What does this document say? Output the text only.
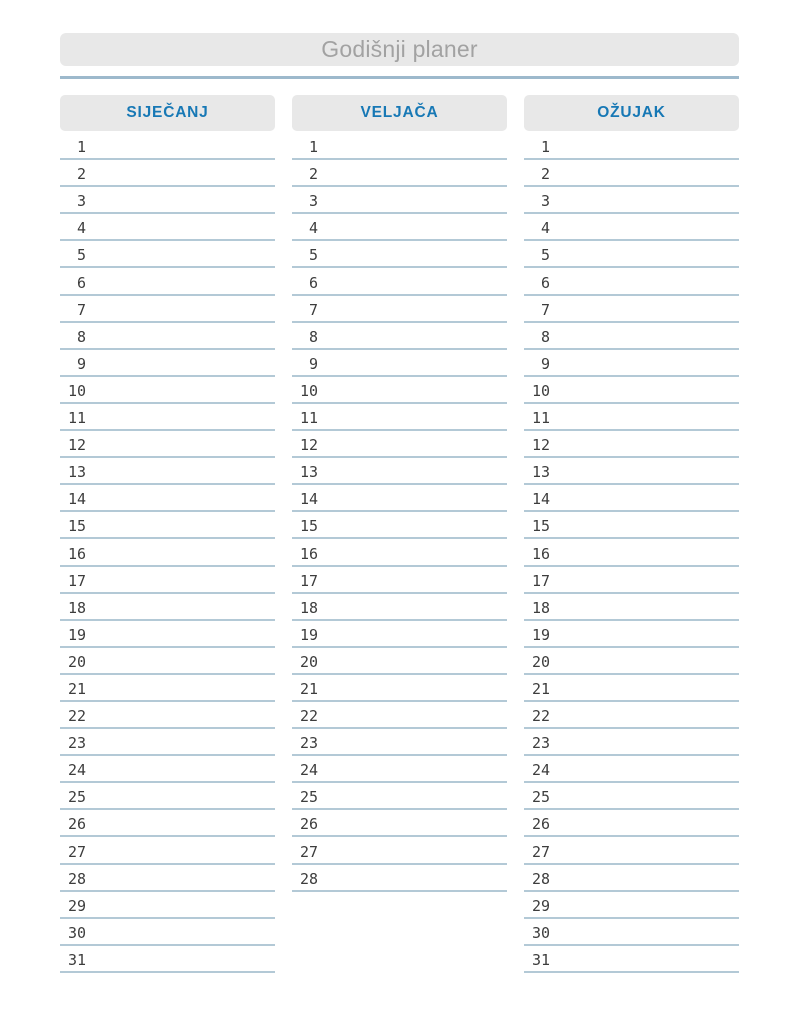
Godišnji planer
SIJEČANJ
1
2
3
4
5
6
7
8
9
10
11
12
13
14
15
16
17
18
19
20
21
22
23
24
25
26
27
28
29
30
31
VELJAČA
1
2
3
4
5
6
7
8
9
10
11
12
13
14
15
16
17
18
19
20
21
22
23
24
25
26
27
28
OŽUJAK
1
2
3
4
5
6
7
8
9
10
11
12
13
14
15
16
17
18
19
20
21
22
23
24
25
26
27
28
29
30
31
